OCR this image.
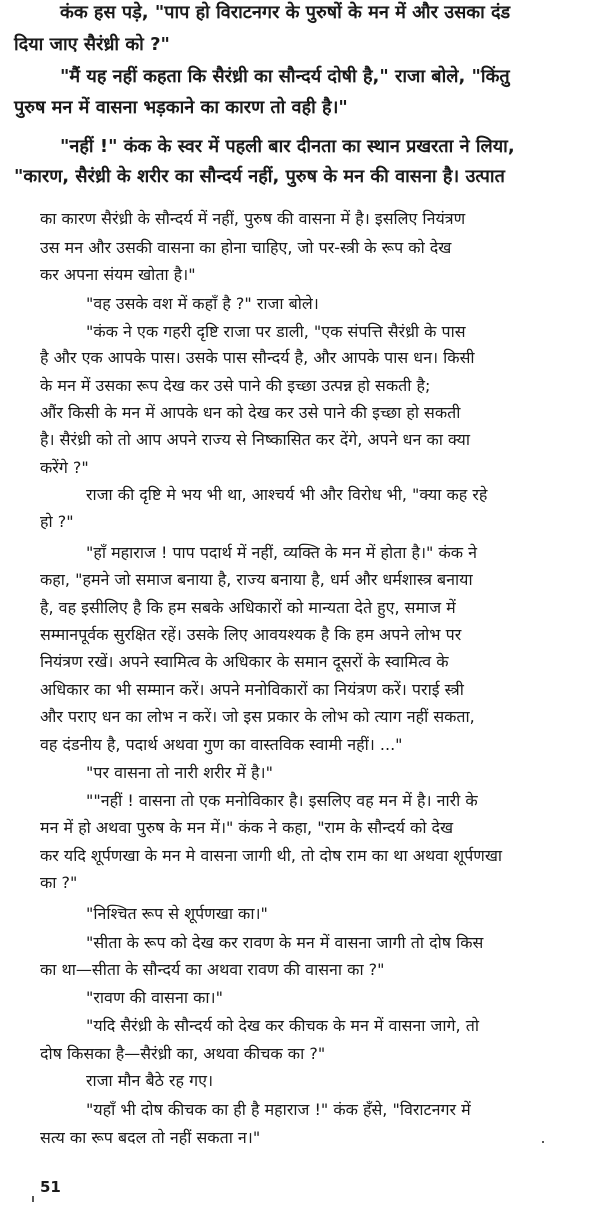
कंक हस पड़े, "पाप हो विराटनगर के पुरुषों के मन में और उसका दंड
दिया जाए सैरंध्री को ?"
"मैं यह नहीं कहता कि सैरंध्री का सौन्दर्य दोषी है," राजा बोले, "किंतु
पुरुष मन में वासना भड़काने का कारण तो वही है।"
"नहीं !" कंक के स्वर में पहली बार दीनता का स्थान प्रखरता ने लिया,
"कारण, सैरंध्री के शरीर का सौन्दर्य नहीं, पुरुष के मन की वासना है। उत्पात
का कारण सैरंध्री के सौन्दर्य में नहीं, पुरुष की वासना में है। इसलिए नियंत्रण
उस मन और उसकी वासना का होना चाहिए, जो पर-स्त्री के रूप को देख
कर अपना संयम खोता है।"
"वह उसके वश में कहाँ है ?" राजा बोले।
"कंक ने एक गहरी दृष्टि राजा पर डाली, "एक संपत्ति सैरंध्री के पास
है और एक आपके पास। उसके पास सौन्दर्य है, और आपके पास धन। किसी
के मन में उसका रूप देख कर उसे पाने की इच्छा उत्पन्न हो सकती है;
औंर किसी के मन में आपके धन को देख कर उसे पाने की इच्छा हो सकती
है। सैरंध्री को तो आप अपने राज्य से निष्कासित कर देंगे, अपने धन का क्या
करेंगे ?"
राजा की दृष्टि मे भय भी था, आश्चर्य भी और विरोध भी, "क्या कह रहे
हो ?"
"हाँ महाराज ! पाप पदार्थ में नहीं, व्यक्ति के मन में होता है।" कंक ने
कहा, "हमने जो समाज बनाया है, राज्य बनाया है, धर्म और धर्मशास्त्र बनाया
है, वह इसीलिए है कि हम सबके अधिकारों को मान्यता देते हुए, समाज में
सम्मानपूर्वक सुरक्षित रहें। उसके लिए आवयश्यक है कि हम अपने लोभ पर
नियंत्रण रखें। अपने स्वामित्व के अधिकार के समान दूसरों के स्वामित्व के
अधिकार का भी सम्मान करें। अपने मनोविकारों का नियंत्रण करें। पराई स्त्री
और पराए धन का लोभ न करें। जो इस प्रकार के लोभ को त्याग नहीं सकता,
वह दंडनीय है, पदार्थ अथवा गुण का वास्तविक स्वामी नहीं। ..."
"पर वासना तो नारी शरीर में है।"
""नहीं ! वासना तो एक मनोविकार है। इसलिए वह मन में है। नारी के
मन में हो अथवा पुरुष के मन में।" कंक ने कहा, "राम के सौन्दर्य को देख
कर यदि शूर्पणखा के मन मे वासना जागी थी, तो दोष राम का था अथवा शूर्पणखा
का ?"
"निश्चित रूप से शूर्पणखा का।"
"सीता के रूप को देख कर रावण के मन में वासना जागी तो दोष किस
का था—सीता के सौन्दर्य का अथवा रावण की वासना का ?"
"रावण की वासना का।"
"यदि सैरंध्री के सौन्दर्य को देख कर कीचक के मन में वासना जागे, तो
दोष किसका है—सैरंध्री का, अथवा कीचक का ?"
राजा मौन बैठे रह गए।
"यहाँ भी दोष कीचक का ही है महाराज !" कंक हँसे, "विराटनगर में
सत्य का रूप बदल तो नहीं सकता न।"
51
